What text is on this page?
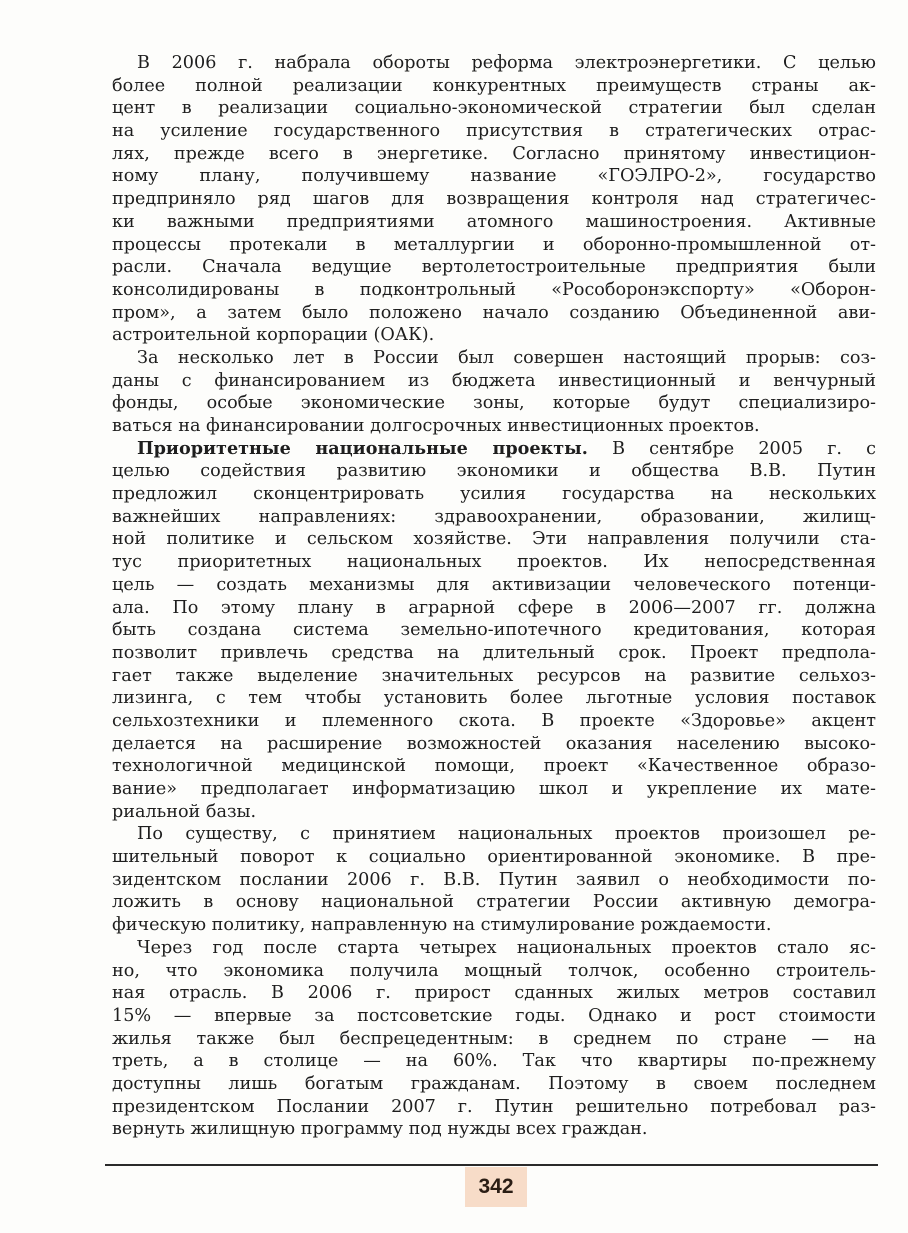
В 2006 г. набрала обороты реформа электроэнергетики. С целью
более полной реализации конкурентных преимуществ страны ак-
цент в реализации социально-экономической стратегии был сделан
на усиление государственного присутствия в стратегических отрас-
лях, прежде всего в энергетике. Согласно принятому инвестицион-
ному плану, получившему название «ГОЭЛРО-2», государство
предприняло ряд шагов для возвращения контроля над стратегичес-
ки важными предприятиями атомного машиностроения. Активные
процессы протекали в металлургии и оборонно-промышленной от-
расли. Сначала ведущие вертолетостроительные предприятия были
консолидированы в подконтрольный «Рособоронэкспорту» «Оборон-
пром», а затем было положено начало созданию Объединенной ави-
астроительной корпорации (ОАК).
За несколько лет в России был совершен настоящий прорыв: соз-
даны с финансированием из бюджета инвестиционный и венчурный
фонды, особые экономические зоны, которые будут специализиро-
ваться на финансировании долгосрочных инвестиционных проектов.
Приоритетные национальные проекты. В сентябре 2005 г. с
целью содействия развитию экономики и общества В.В. Путин
предложил сконцентрировать усилия государства на нескольких
важнейших направлениях: здравоохранении, образовании, жилищ-
ной политике и сельском хозяйстве. Эти направления получили ста-
тус приоритетных национальных проектов. Их непосредственная
цель — создать механизмы для активизации человеческого потенци-
ала. По этому плану в аграрной сфере в 2006—2007 гг. должна
быть создана система земельно-ипотечного кредитования, которая
позволит привлечь средства на длительный срок. Проект предпола-
гает также выделение значительных ресурсов на развитие сельхоз-
лизинга, с тем чтобы установить более льготные условия поставок
сельхозтехники и племенного скота. В проекте «Здоровье» акцент
делается на расширение возможностей оказания населению высоко-
технологичной медицинской помощи, проект «Качественное образо-
вание» предполагает информатизацию школ и укрепление их мате-
риальной базы.
По существу, с принятием национальных проектов произошел ре-
шительный поворот к социально ориентированной экономике. В пре-
зидентском послании 2006 г. В.В. Путин заявил о необходимости по-
ложить в основу национальной стратегии России активную демогра-
фическую политику, направленную на стимулирование рождаемости.
Через год после старта четырех национальных проектов стало яс-
но, что экономика получила мощный толчок, особенно строитель-
ная отрасль. В 2006 г. прирост сданных жилых метров составил
15% — впервые за постсоветские годы. Однако и рост стоимости
жилья также был беспрецедентным: в среднем по стране — на
треть, а в столице — на 60%. Так что квартиры по-прежнему
доступны лишь богатым гражданам. Поэтому в своем последнем
президентском Послании 2007 г. Путин решительно потребовал раз-
вернуть жилищную программу под нужды всех граждан.
342
